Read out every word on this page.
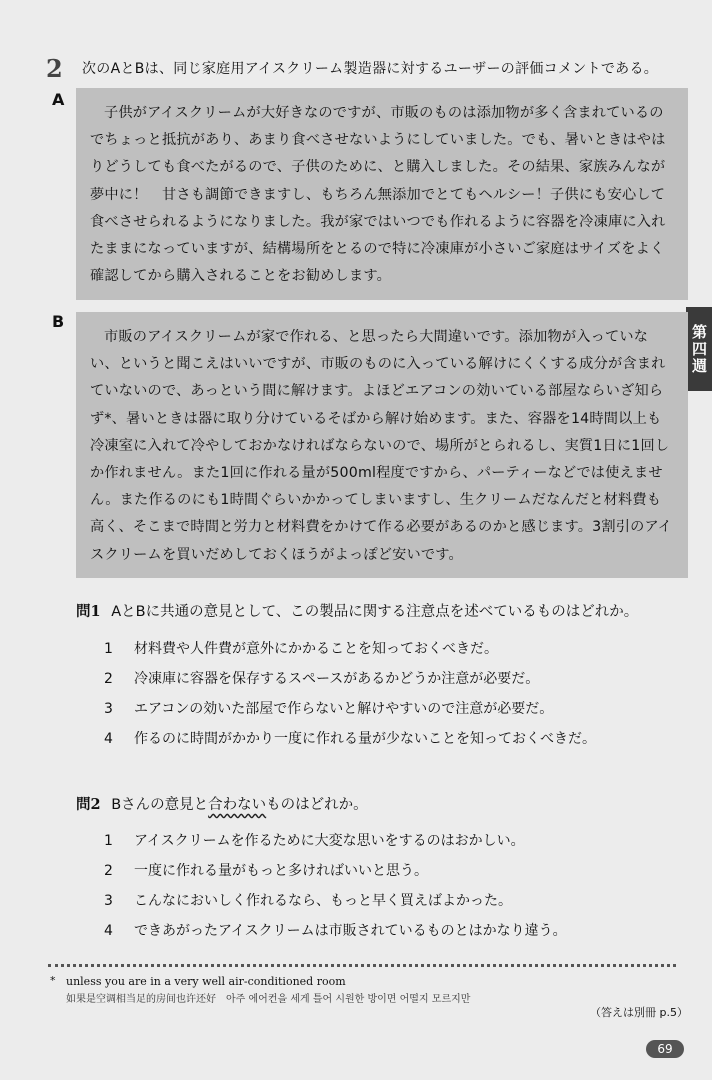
2 次のAとBは、同じ家庭用アイスクリーム製造器に対するユーザーの評価コメントである。
A
子供がアイスクリームが大好きなのですが、市販のものは添加物が多く含まれているのでちょっと抵抗があり、あまり食べさせないようにしていました。でも、暑いときはやはりどうしても食べたがるので、子供のために、と購入しました。その結果、家族みんなが夢中に！　甘さも調節できますし、もちろん無添加でとてもヘルシー！子供にも安心して食べさせられるようになりました。我が家ではいつでも作れるように容器を冷凍庫に入れたままになっていますが、結構場所をとるので特に冷凍庫が小さいご家庭はサイズをよく確認してから購入されることをお勧めします。
第四週
B
市販のアイスクリームが家で作れる、と思ったら大間違いです。添加物が入っていない、というと聞こえはいいですが、市販のものに入っている解けにくくする成分が含まれていないので、あっという間に解けます。よほどエアコンの効いている部屋ならいざ知らず*、暑いときは器に取り分けているそばから解け始めます。また、容器を14時間以上も冷凍室に入れて冷やしておかなければならないので、場所がとられるし、実質1日に1回しか作れません。また1回に作れる量が500ml程度ですから、パーティーなどでは使えません。また作るのにも1時間ぐらいかかってしまいますし、生クリームだなんだと材料費も高く、そこまで時間と労力と材料費をかけて作る必要があるのかと感じます。3割引のアイスクリームを買いだめしておくほうがよっぽど安いです。
問1 AとBに共通の意見として、この製品に関する注意点を述べているものはどれか。
1 材料費や人件費が意外にかかることを知っておくべきだ。
2 冷凍庫に容器を保存するスペースがあるかどうか注意が必要だ。
3 エアコンの効いた部屋で作らないと解けやすいので注意が必要だ。
4 作るのに時間がかかり一度に作れる量が少ないことを知っておくべきだ。
問2 Bさんの意見と合わないものはどれか。
1 アイスクリームを作るために大変な思いをするのはおかしい。
2 一度に作れる量がもっと多ければいいと思う。
3 こんなにおいしく作れるなら、もっと早く買えばよかった。
4 できあがったアイスクリームは市販されているものとはかなり違う。
* unless you are in a very well air-conditioned room
如果是空调相当足的房间也许还好　아주 에어컨을 세게 틀어 시원한 방이면 어떨지 모르지만
（答えは別冊 p.5）
69
